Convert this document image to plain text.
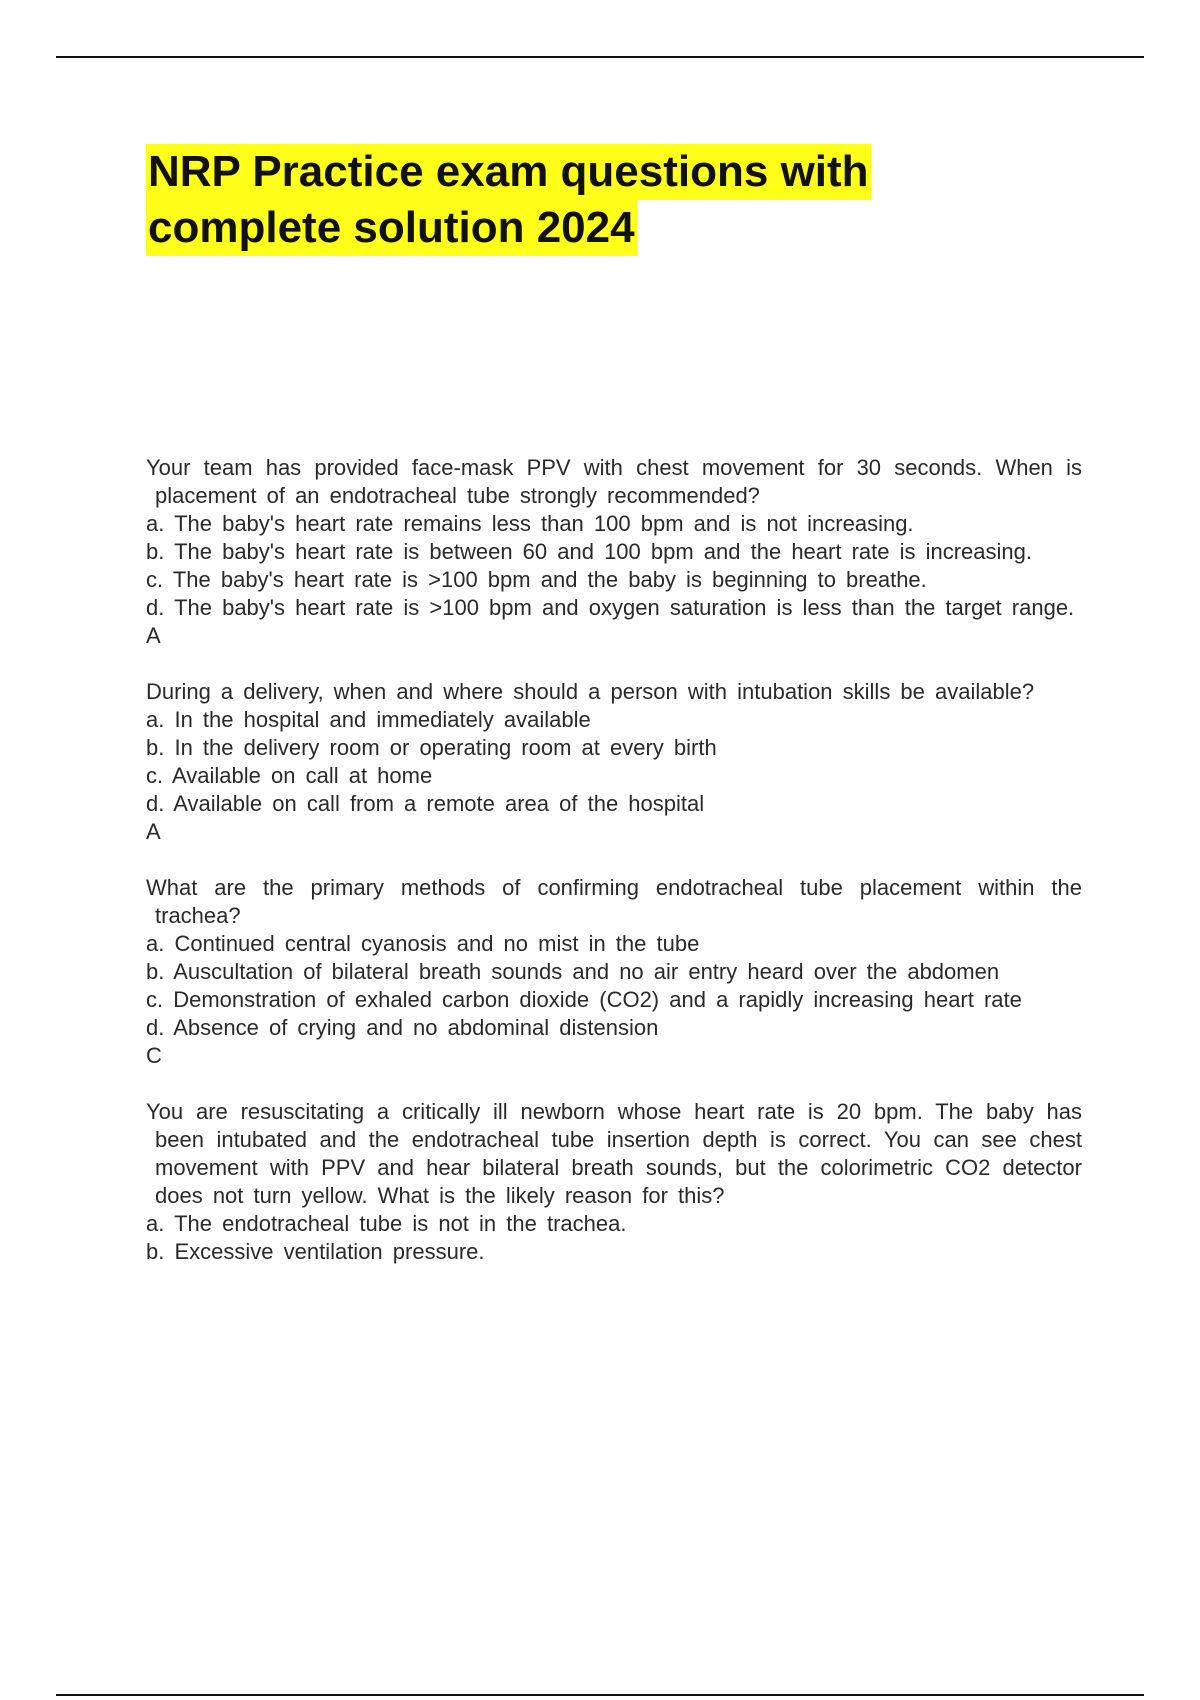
NRP Practice exam questions with
complete solution 2024

Your team has provided face-mask PPV with chest movement for 30 seconds. When is placement of an endotracheal tube strongly recommended?

a. The baby's heart rate remains less than 100 bpm and is not increasing.

b. The baby's heart rate is between 60 and 100 bpm and the heart rate is increasing.

c. The baby's heart rate is >100 bpm and the baby is beginning to breathe.

d. The baby's heart rate is >100 bpm and oxygen saturation is less than the target range.

A

During a delivery, when and where should a person with intubation skills be available?

a. In the hospital and immediately available

b. In the delivery room or operating room at every birth

c. Available on call at home

d. Available on call from a remote area of the hospital

A

What are the primary methods of confirming endotracheal tube placement within the trachea?

a. Continued central cyanosis and no mist in the tube

b. Auscultation of bilateral breath sounds and no air entry heard over the abdomen

c. Demonstration of exhaled carbon dioxide (CO2) and a rapidly increasing heart rate

d. Absence of crying and no abdominal distension

C

You are resuscitating a critically ill newborn whose heart rate is 20 bpm. The baby has been intubated and the endotracheal tube insertion depth is correct. You can see chest movement with PPV and hear bilateral breath sounds, but the colorimetric CO2 detector does not turn yellow. What is the likely reason for this?

a. The endotracheal tube is not in the trachea.

b. Excessive ventilation pressure.
